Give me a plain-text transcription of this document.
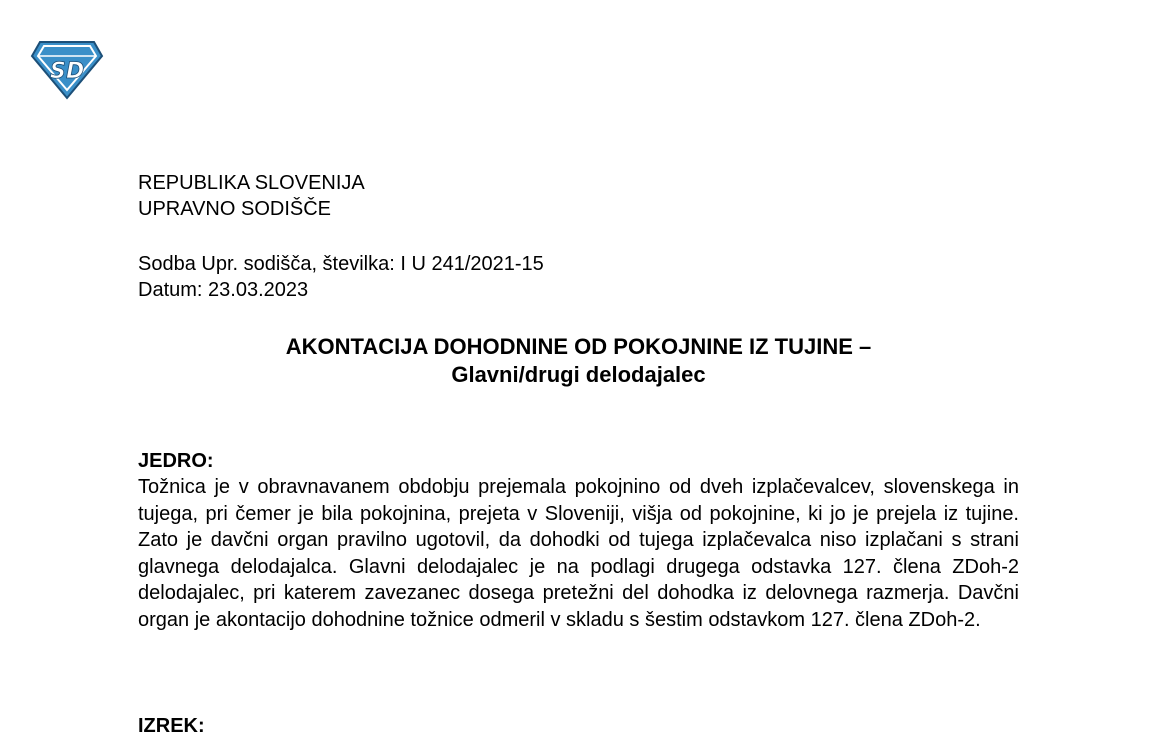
S D
REPUBLIKA SLOVENIJA
UPRAVNO SODIŠČE
Sodba Upr. sodišča, številka: I U 241/2021-15
Datum: 23.03.2023
AKONTACIJA DOHODNINE OD POKOJNINE IZ TUJINE –
Glavni/drugi delodajalec
JEDRO:
Tožnica je v obravnavanem obdobju prejemala pokojnino od dveh izplačevalcev, slovenskega in tujega, pri čemer je bila pokojnina, prejeta v Sloveniji, višja od pokojnine, ki jo je prejela iz tujine. Zato je davčni organ pravilno ugotovil, da dohodki od tujega izplačevalca niso izplačani s strani glavnega delodajalca. Glavni delodajalec je na podlagi drugega odstavka 127. člena ZDoh-2 delodajalec, pri katerem zavezanec dosega pretežni del dohodka iz delovnega razmerja. Davčni organ je akontacijo dohodnine tožnice odmeril v skladu s šestim odstavkom 127. člena ZDoh-2.
IZREK:
